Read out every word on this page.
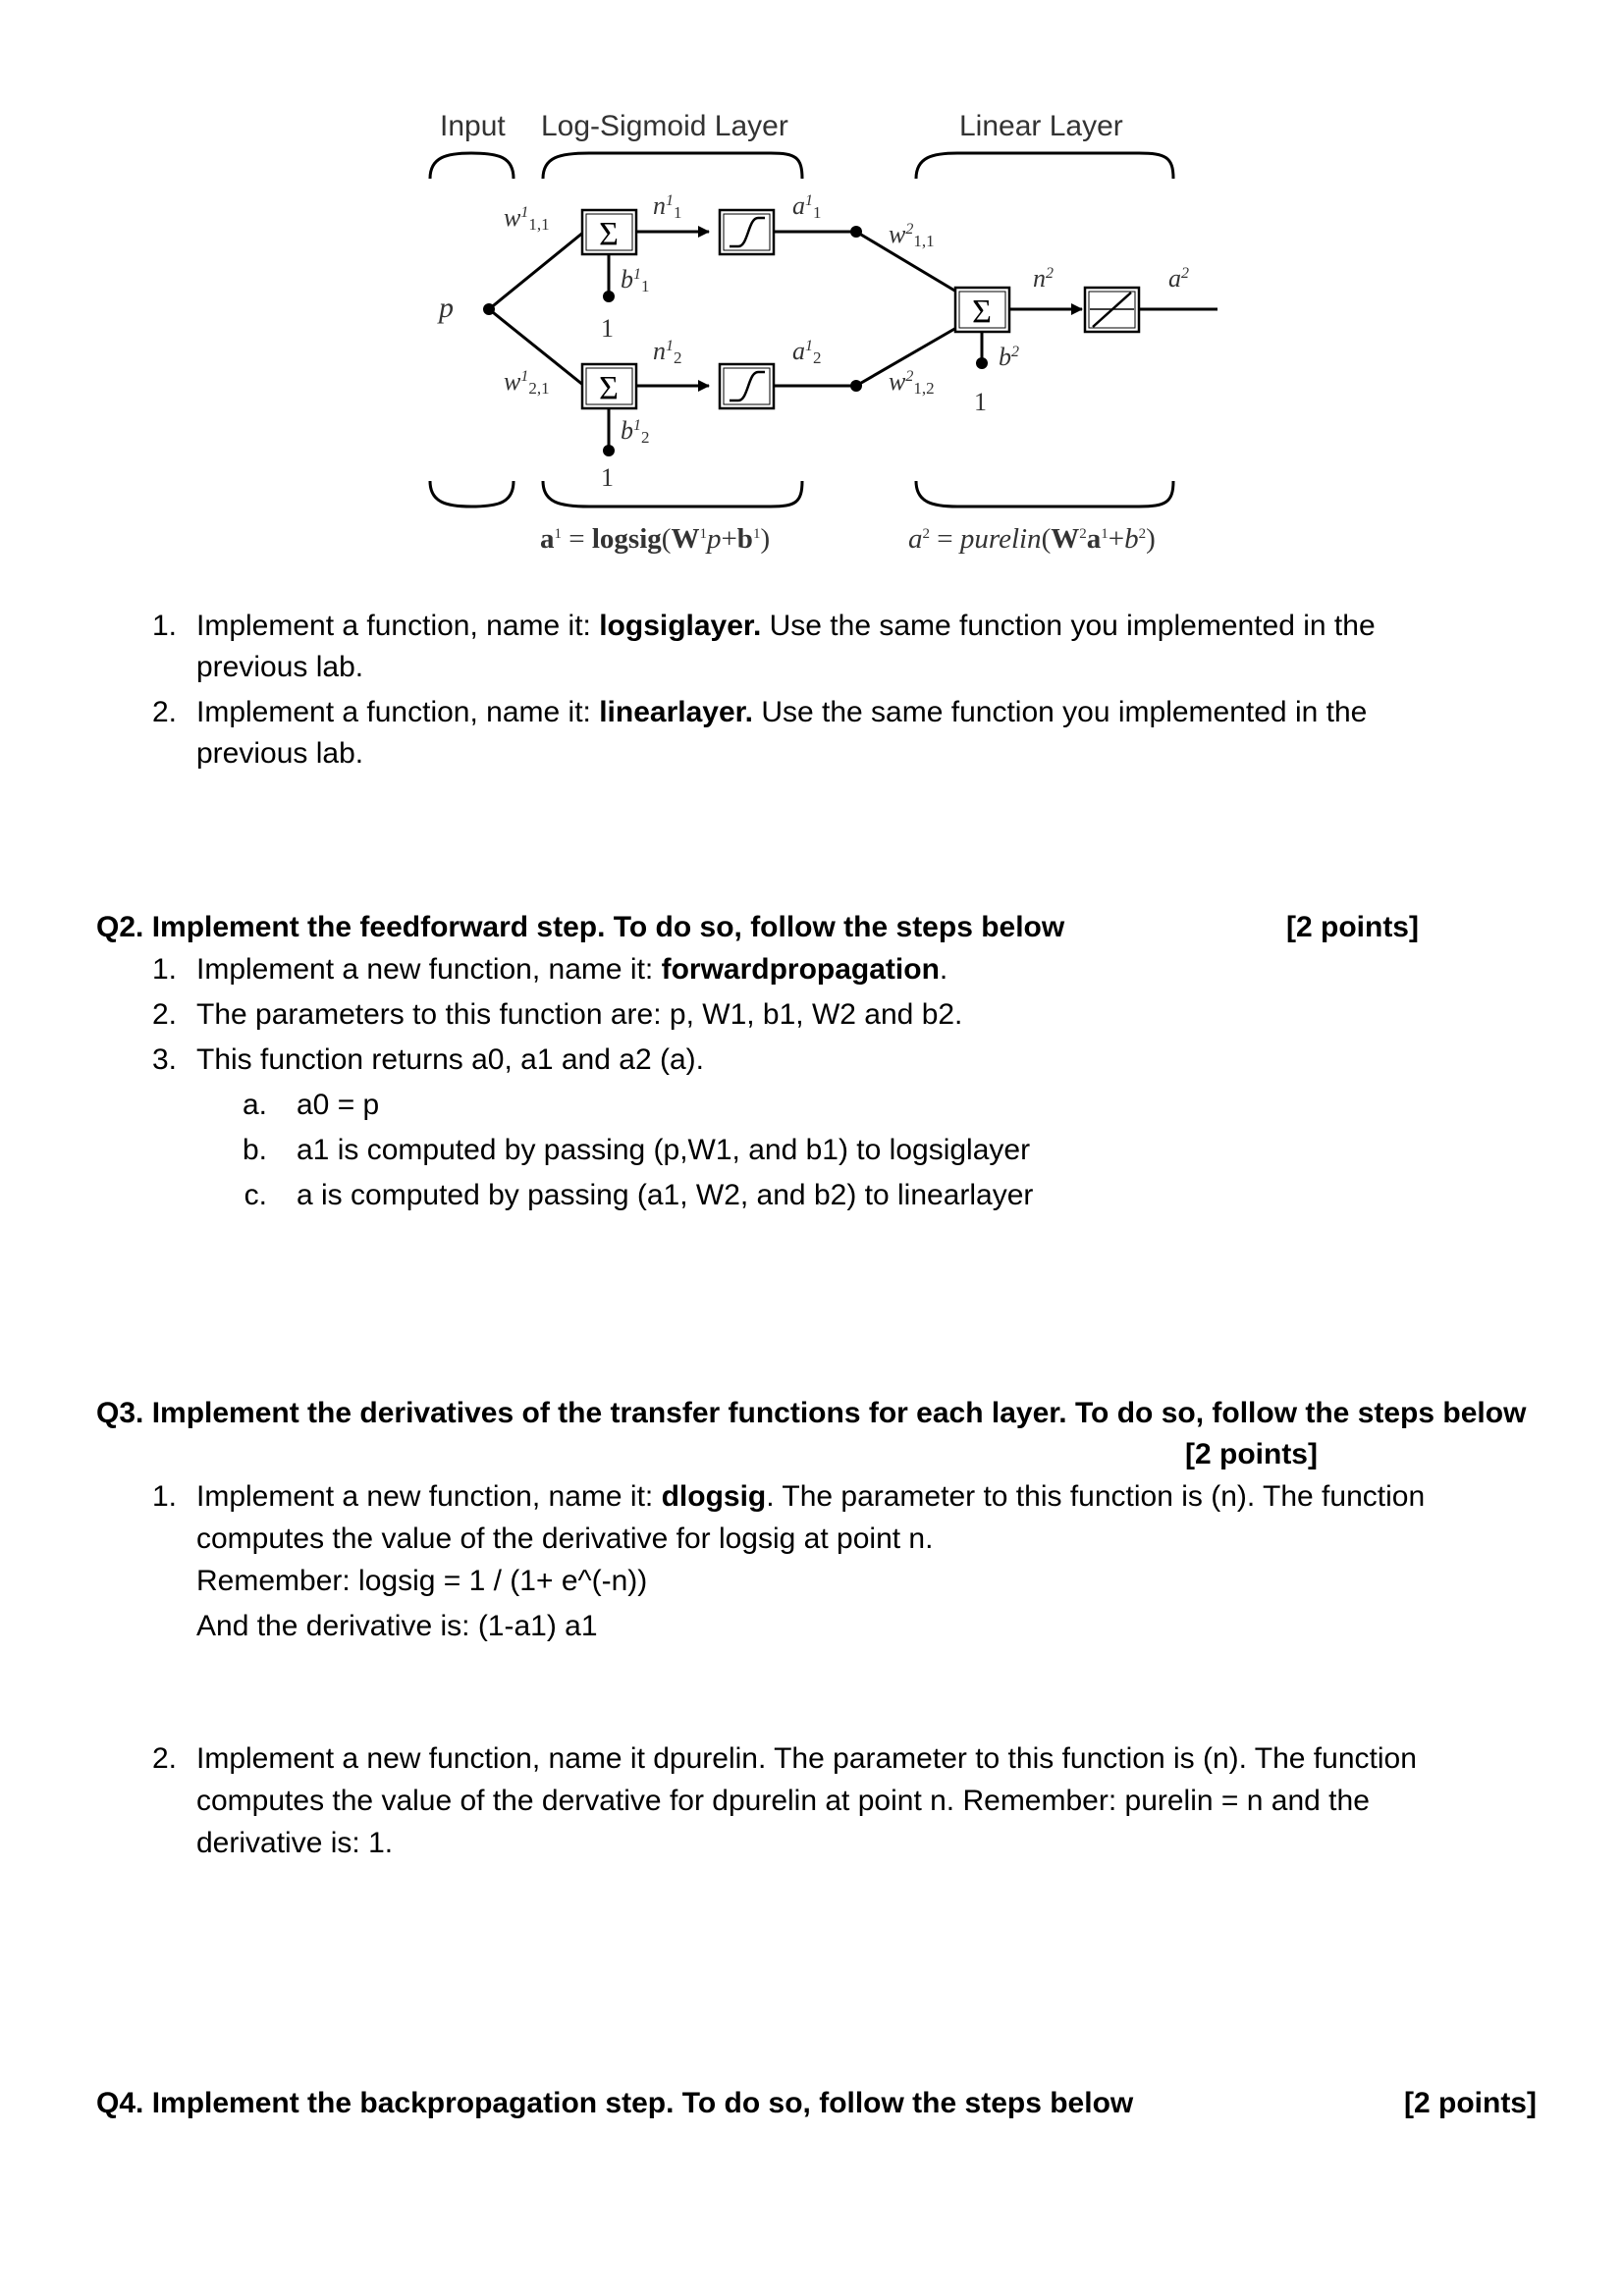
Input Log-Sigmoid Layer	Linear Layer
Σ
Σ
Σ
p
$w^1_{1,1}$
$w^1_{2,1}$
$n^1_1$
$n^1_2$
$b^1_1$
$b^1_2$
$a^1_1$
$a^1_2$
$w^2_{1,1}$
$w^2_{1,2}$
$n^2$	$a^2$
$b^2$
1
1
1
$a^1$ = $logsig(W^1p+b^1)$	$a^2$ = $purelin(W^2a^1+b^2)$
1. Implement a function, name it: logsiglayer. Use the same function you implemented in the
previous lab.
2. Implement a function, name it: linearlayer. Use the same function you implemented in the
previous lab.
Q2. Implement the feedforward step. To do so, follow the steps below	[2 points]
1. Implement a new function, name it: forwardpropagation.
2. The parameters to this function are: p, W1, b1, W2 and b2.
3. This function returns a0, a1 and a2 (a).
a. a0 = p
b. a1 is computed by passing (p,W1, and b1) to logsiglayer
c. a is computed by passing (a1, W2, and b2) to linearlayer
Q3. Implement the derivatives of the transfer functions for each layer. To do so, follow the steps below
[2 points]
1. Implement a new function, name it: dlogsig. The parameter to this function is (n). The function
computes the value of the derivative for logsig at point n.
Remember: logsig = 1 / (1+ e^(-n))
And the derivative is: (1-a1) a1
2. Implement a new function, name it dpurelin. The parameter to this function is (n). The function
computes the value of the dervative for dpurelin at point n. Remember: purelin = n and the
derivative is: 1.
Q4. Implement the backpropagation step. To do so, follow the steps below	[2 points]
